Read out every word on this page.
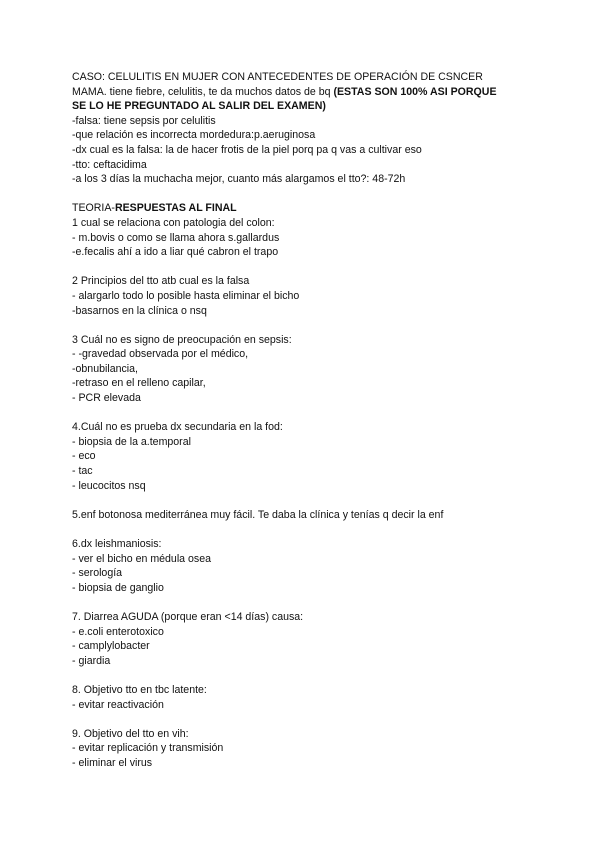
CASO: CELULITIS EN MUJER CON ANTECEDENTES DE OPERACIÓN DE CSNCER
MAMA. tiene fiebre, celulitis, te da muchos datos de bq (ESTAS SON 100% ASI PORQUE
SE LO HE PREGUNTADO AL SALIR DEL EXAMEN)
-falsa: tiene sepsis por celulitis
-que relación es incorrecta mordedura:p.aeruginosa
-dx cual es la falsa: la de hacer frotis de la piel porq pa q vas a cultivar eso
-tto: ceftacidima
-a los 3 días la muchacha mejor, cuanto más alargamos el tto?: 48-72h
TEORIA-RESPUESTAS AL FINAL
1 cual se relaciona con patologia del colon:
- m.bovis o como se llama ahora s.gallardus
-e.fecalis ahí a ido a liar qué cabron el trapo
2 Principios del tto atb cual es la falsa
- alargarlo todo lo posible hasta eliminar el bicho
-basarnos en la clínica o nsq
3 Cuál no es signo de preocupación en sepsis:
- -gravedad observada por el médico,
-obnubilancia,
-retraso en el relleno capilar,
- PCR elevada
4.Cuál no es prueba dx secundaria en la fod:
- biopsia de la a.temporal
- eco
- tac
- leucocitos nsq
5.enf botonosa mediterránea muy fácil. Te daba la clínica y tenías q decir la enf
6.dx leishmaniosis:
- ver el bicho en médula osea
- serología
- biopsia de ganglio
7. Diarrea AGUDA (porque eran <14 días) causa:
- e.coli enterotoxico
- camplylobacter
- giardia
8. Objetivo tto en tbc latente:
- evitar reactivación
9. Objetivo del tto en vih:
- evitar replicación y transmisión
- eliminar el virus
